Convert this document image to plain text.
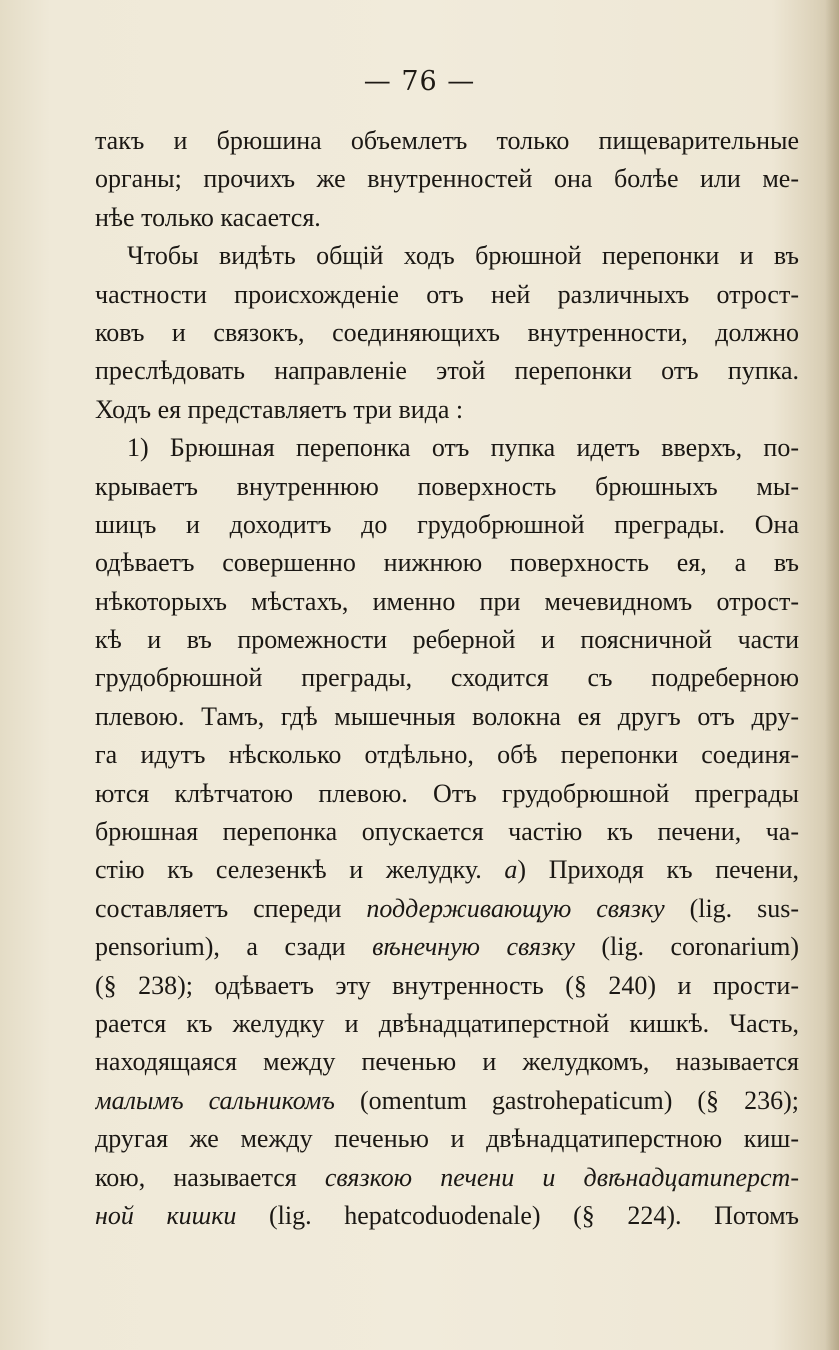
— 76 —
такъ и брюшина объемлетъ только пищеварительные
органы; прочихъ же внутренностей она болѣе или ме-
нѣе только касается.
Чтобы видѣть общій ходъ брюшной перепонки и въ
частности происхожденіе отъ ней различныхъ отрост-
ковъ и связокъ, соединяющихъ внутренности, должно
преслѣдовать направленіе этой перепонки отъ пупка.
Ходъ ея представляетъ три вида :
1) Брюшная перепонка отъ пупка идетъ вверхъ, по-
крываетъ внутреннюю поверхность брюшныхъ мы-
шицъ и доходитъ до грудобрюшной преграды. Она
одѣваетъ совершенно нижнюю поверхность ея, а въ
нѣкоторыхъ мѣстахъ, именно при мечевидномъ отрост-
кѣ и въ промежности реберной и поясничной части
грудобрюшной преграды, сходится съ подреберною
плевою. Тамъ, гдѣ мышечныя волокна ея другъ отъ дру-
га идутъ нѣсколько отдѣльно, обѣ перепонки соединя-
ются клѣтчатою плевою. Отъ грудобрюшной преграды
брюшная перепонка опускается частію къ печени, ча-
стію къ селезенкѣ и желудку. a) Приходя къ печени,
составляетъ спереди поддерживающую связку (lig. sus-
pensorium), а сзади вѣнечную связку (lig. coronarium)
(§ 238); одѣваетъ эту внутренность (§ 240) и прости-
рается къ желудку и двѣнадцатиперстной кишкѣ. Часть,
находящаяся между печенью и желудкомъ, называется
малымъ сальникомъ (omentum gastrohepaticum) (§ 236);
другая же между печенью и двѣнадцатиперстною киш-
кою, называется связкою печени и двѣнадцатиперст-
ной кишки (lig. hepatcoduodenale) (§ 224). Потомъ
